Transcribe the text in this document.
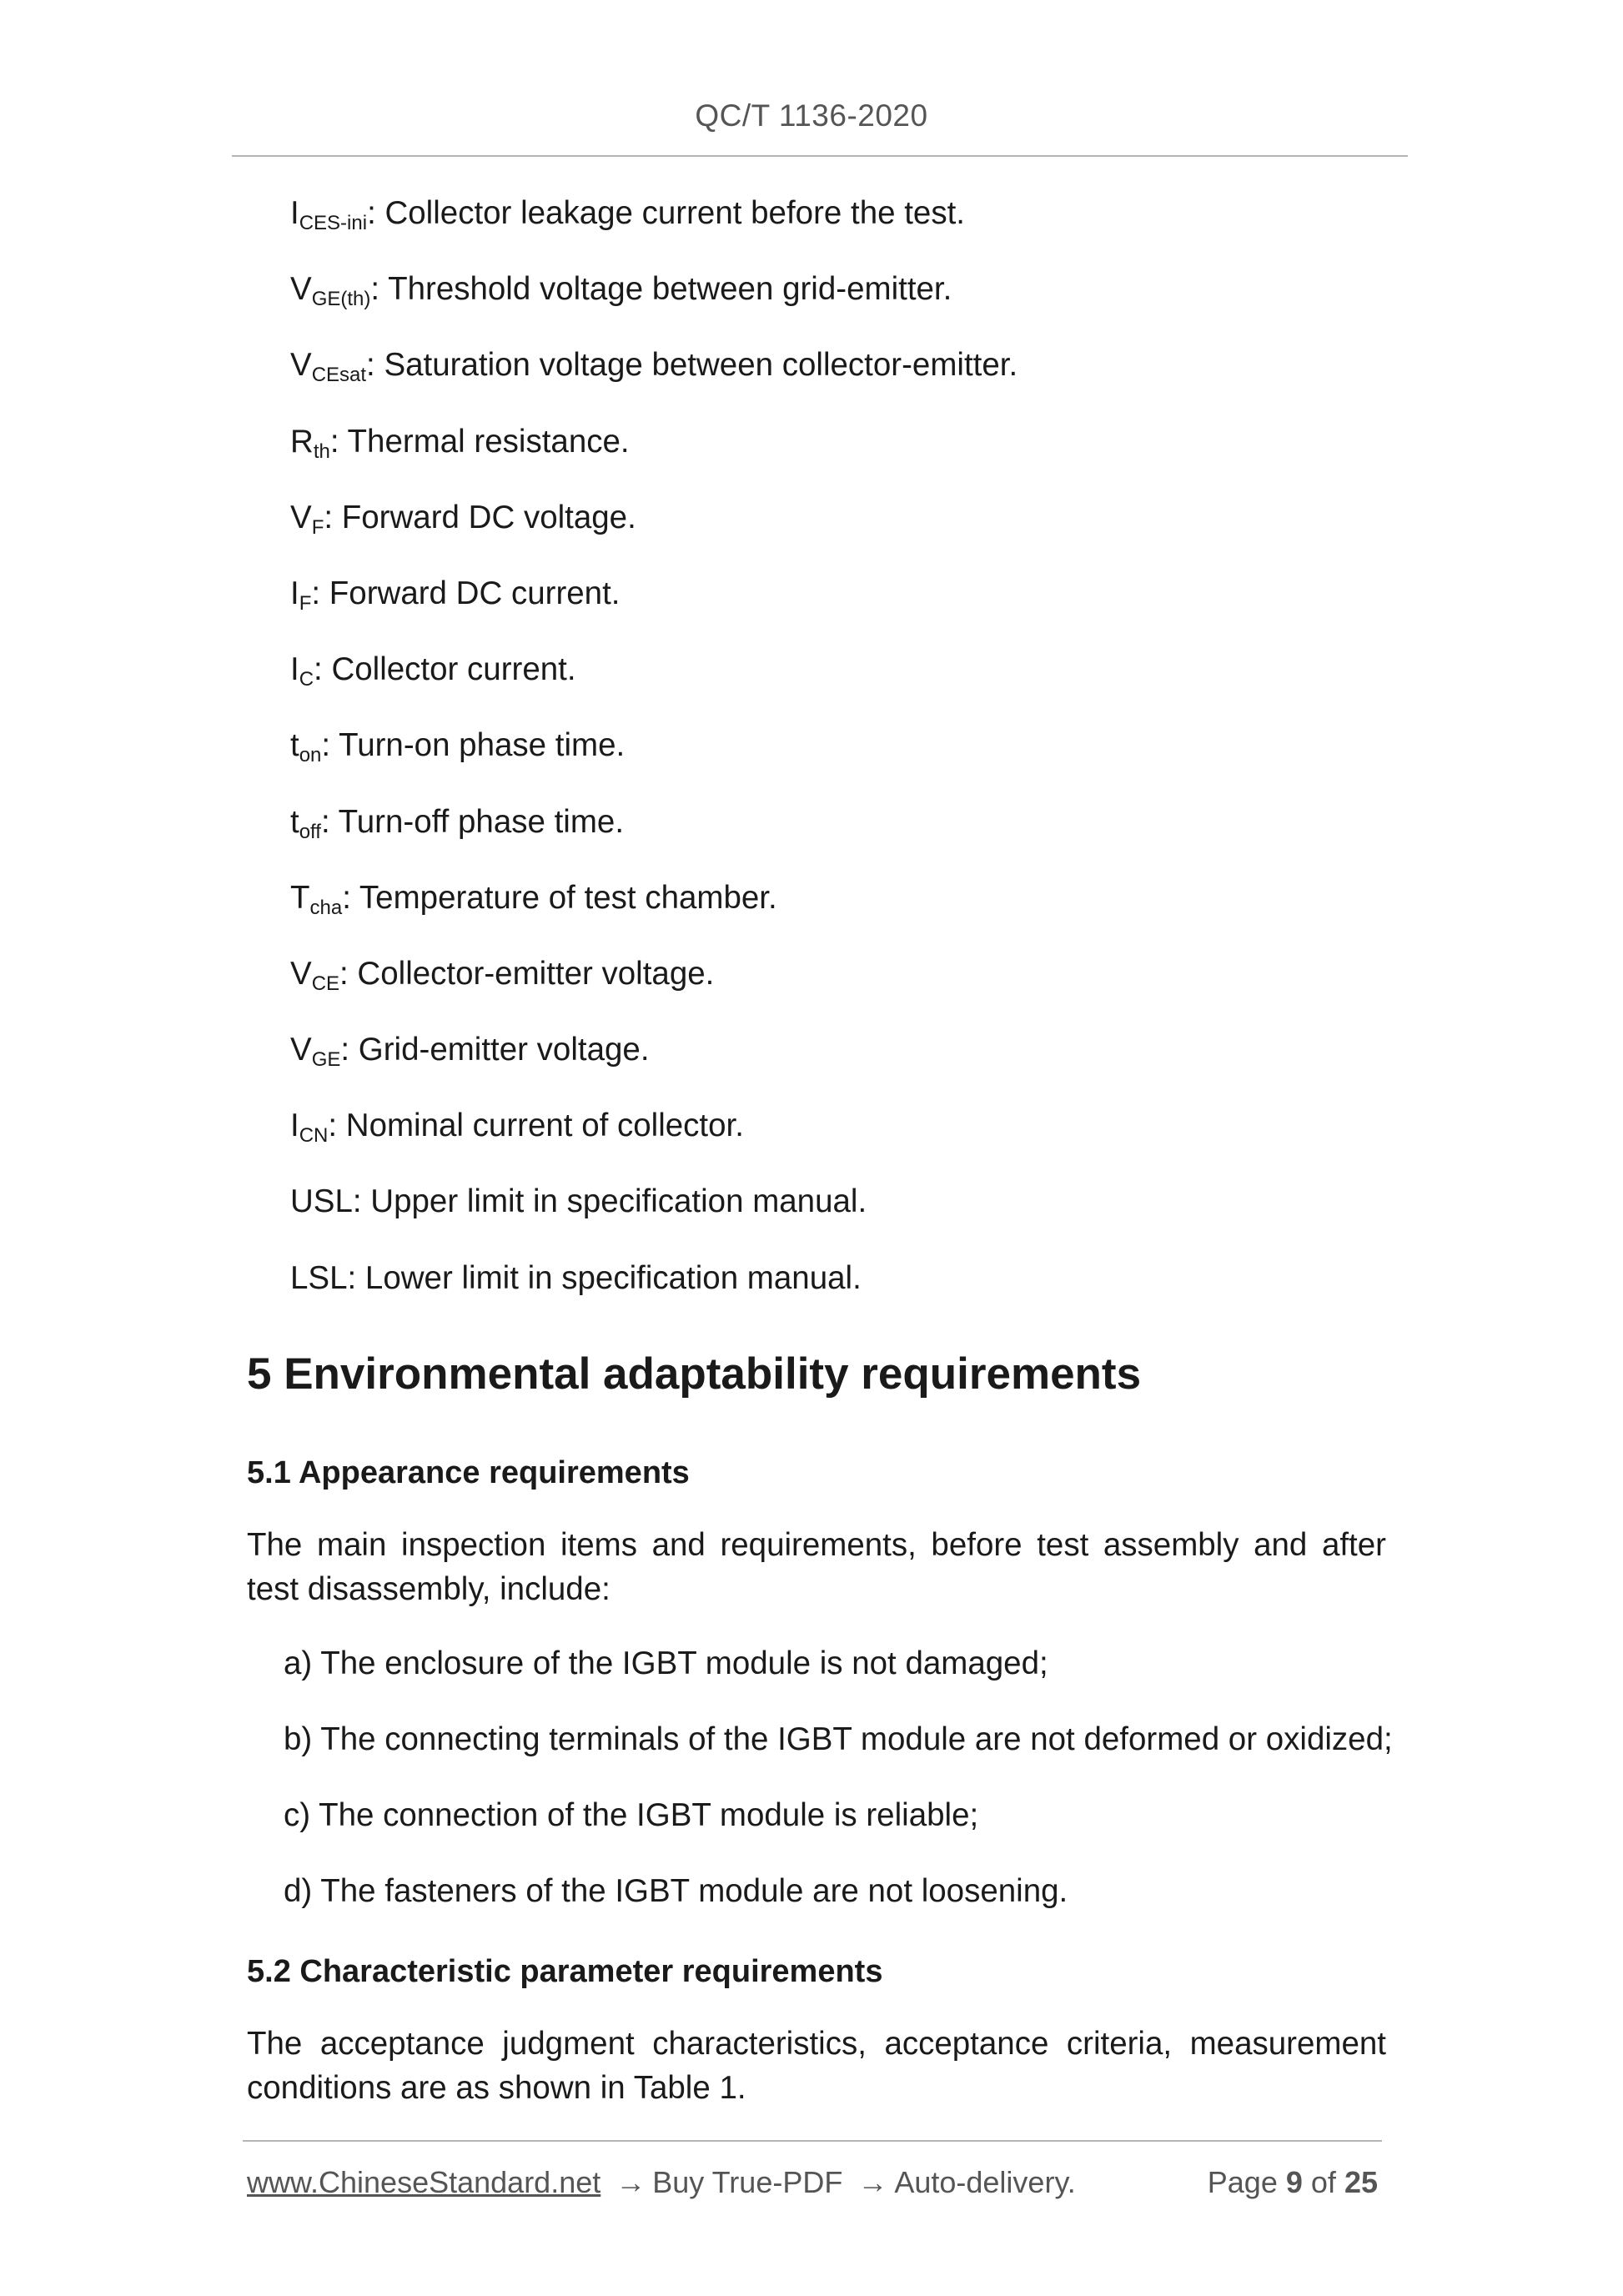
QC/T 1136-2020
ICES-ini: Collector leakage current before the test.
VGE(th): Threshold voltage between grid-emitter.
VCEsat: Saturation voltage between collector-emitter.
Rth: Thermal resistance.
VF: Forward DC voltage.
IF: Forward DC current.
IC: Collector current.
ton: Turn-on phase time.
toff: Turn-off phase time.
Tcha: Temperature of test chamber.
VCE: Collector-emitter voltage.
VGE: Grid-emitter voltage.
ICN: Nominal current of collector.
USL: Upper limit in specification manual.
LSL: Lower limit in specification manual.
5 Environmental adaptability requirements
5.1 Appearance requirements
The main inspection items and requirements, before test assembly and after test disassembly, include:
a) The enclosure of the IGBT module is not damaged;
b) The connecting terminals of the IGBT module are not deformed or oxidized;
c) The connection of the IGBT module is reliable;
d) The fasteners of the IGBT module are not loosening.
5.2 Characteristic parameter requirements
The acceptance judgment characteristics, acceptance criteria, measurement conditions are as shown in Table 1.
www.ChineseStandard.net → Buy True-PDF → Auto-delivery.	Page 9 of 25
